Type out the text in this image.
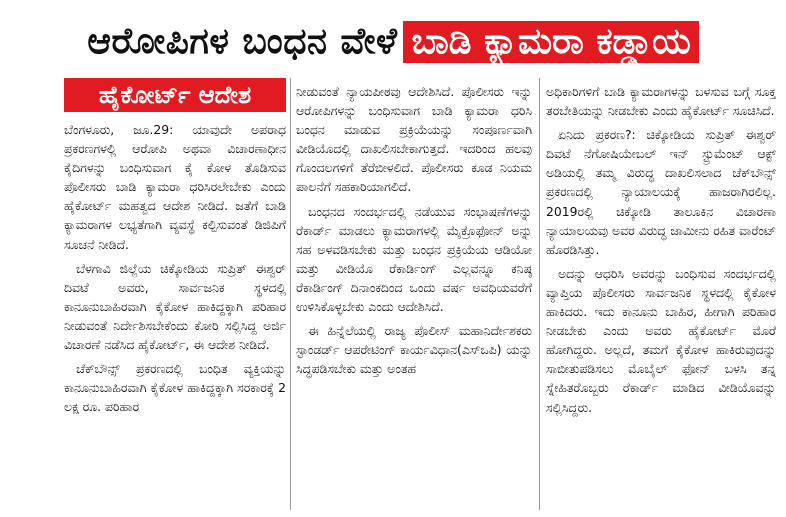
ಆರೋಪಿಗಳ ಬಂಧನ ವೇಳೆ ಬಾಡಿ ಕ್ಯಾಮರಾ ಕಡ್ಡಾಯ
ಹೈಕೋರ್ಟ್ ಆದೇಶ

ಬೆಂಗಳೂರು, ಜೂ.29: ಯಾವುದೇ ಅಪರಾಧ ಪ್ರಕರಣಗಳಲ್ಲಿ ಆರೋಪಿ ಅಥವಾ ವಿಚಾರಣಾಧೀನ ಕೈದಿಗಳನ್ನು ಬಂಧಿಸುವಾಗ ಕೈ ಕೋಳ ತೊಡಿಸುವ ಪೊಲೀಸರು ಬಾಡಿ ಕ್ಯಾಮರಾ ಧರಿಸಿರಲೇಬೇಕು ಎಂದು ಹೈಕೋರ್ಟ್ ಮಹತ್ವದ ಆದೇಶ ನೀಡಿದೆ. ಜತೆಗೆ ಬಾಡಿ ಕ್ಯಾಮರಾಗಳ ಲಭ್ಯತೆಗಾಗಿ ವ್ಯವಸ್ಥೆ ಕಲ್ಪಿಸುವಂತೆ ಡಿಜಿಪಿಗೆ ಸೂಚನೆ ನೀಡಿದೆ.

ಬೆಳಗಾವಿ ಜಿಲ್ಲೆಯ ಚಿಕ್ಕೋಡಿಯ ಸುಪ್ರಿತ್ ಈಶ್ವರ್ ದಿವಟೆ ಅವರು, ಸಾರ್ವಜನಿಕ ಸ್ಥಳದಲ್ಲಿ ಕಾನೂನುಬಾಹಿರವಾಗಿ ಕೈಕೋಳ ಹಾಕಿದ್ದಕ್ಕಾಗಿ ಪರಿಹಾರ ನೀಡುವಂತೆ ನಿರ್ದೇಶಿಸಬೇಕೆಂದು ಕೋರಿ ಸಲ್ಲಿಸಿದ್ದ ಅರ್ಜಿ ವಿಚಾರಣೆ ನಡೆಸಿದ ಹೈಕೋರ್ಟ್, ಈ ಆದೇಶ ನೀಡಿದೆ.

ಚೆಕ್‌ಬೌನ್ಸ್ ಪ್ರಕರಣದಲ್ಲಿ ಬಂಧಿತ ವ್ಯಕ್ತಿಯನ್ನು ಕಾನೂನುಬಾಹಿರವಾಗಿ ಕೈಕೋಳ ಹಾಕಿದ್ದಕ್ಕಾಗಿ ಸರಕಾರಕ್ಕೆ 2 ಲಕ್ಷ ರೂ. ಪರಿಹಾರ

ನೀಡುವಂತೆ ನ್ಯಾಯಪೀಠವು ಆದೇಶಿಸಿದೆ. ಪೊಲೀಸರು ಇನ್ನು ಆರೋಪಿಗಳನ್ನು ಬಂಧಿಸುವಾಗ ಬಾಡಿ ಕ್ಯಾಮರಾ ಧರಿಸಿ ಬಂಧನ ಮಾಡುವ ಪ್ರಕ್ರಿಯೆಯನ್ನು ಸಂಪೂರ್ಣವಾಗಿ ವೀಡಿಯೊದಲ್ಲಿ ದಾಖಲಿಸಬೇಕಾಗುತ್ತದೆ. ಇದರಿಂದ ಹಲವು ಗೊಂದಲಗಳಿಗೆ ತೆರೆಬೀಳಲಿದೆ. ಪೊಲೀಸರು ಕೂಡ ನಿಯಮ ಪಾಲನೆಗೆ ಸಹಕಾರಿಯಾಗಲಿದೆ.

ಬಂಧನದ ಸಂದರ್ಭದಲ್ಲಿ ನಡೆಯುವ ಸಂಭಾಷಣೆಗಳನ್ನು ರೆಕಾರ್ಡ್ ಮಾಡಲು ಕ್ಯಾಮರಾಗಳಲ್ಲಿ ಮೈಕ್ರೊಫೋನ್ ಅನ್ನು ಸಹ ಅಳವಡಿಸಬೇಕು ಮತ್ತು ಬಂಧನ ಪ್ರಕ್ರಿಯೆಯ ಆಡಿಯೋ ಮತ್ತು ವೀಡಿಯೊ ರೆಕಾರ್ಡಿಂಗ್ ಎಲ್ಲವನ್ನೂ ಕನಿಷ್ಠ ರೆಕಾರ್ಡಿಂಗ್ ದಿನಾಂಕದಿಂದ ಒಂದು ವರ್ಷ ಅವಧಿಯವರೆಗೆ ಉಳಿಸಿಕೊಳ್ಳಬೇಕು ಎಂದು ಆದೇಶಿಸಿದೆ.

ಈ ಹಿನ್ನೆಲೆಯಲ್ಲಿ ರಾಜ್ಯ ಪೊಲೀಸ್ ಮಹಾನಿರ್ದೇಶಕರು ಸ್ಟಾಂಡರ್ಡ್ ಆಪರೇಟಿಂಗ್ ಕಾರ್ಯವಿಧಾನ(ಎಸ್‌ಒಪಿ) ಯನ್ನು ಸಿದ್ಧಪಡಿಸಬೇಕು ಮತ್ತು ಅಂತಹ

ಅಧಿಕಾರಿಗಳಿಗೆ ಬಾಡಿ ಕ್ಯಾಮರಾಗಳನ್ನು ಬಳಸುವ ಬಗ್ಗೆ ಸೂಕ್ತ ತರಬೇತಿಯನ್ನು ನೀಡಬೇಕು ಎಂದು ಹೈಕೋರ್ಟ್ ಸೂಚಿಸಿದೆ.

ಏನಿದು ಪ್ರಕರಣ?: ಚಿಕ್ಕೋಡಿಯ ಸುಪ್ರಿತ್ ಈಶ್ವರ್ ದಿವಟೆ ನೆಗೋಷಿಯೇಬಲ್ ಇನ್ ಸ್ಟ್ರುಮೆಂಟ್ ಆಕ್ಟ್ ಅಡಿಯಲ್ಲಿ ತಮ್ಮ ವಿರುದ್ಧ ದಾಖಲಿಸಲಾದ ಚೆಕ್‌ಬೌನ್ಸ್ ಪ್ರಕರಣದಲ್ಲಿ ನ್ಯಾಯಾಲಯಕ್ಕೆ ಹಾಜರಾಗಿರಲಿಲ್ಲ. 2019ರಲ್ಲಿ ಚಿಕ್ಕೋಡಿ ತಾಲೂಕಿನ ವಿಚಾರಣಾ ನ್ಯಾಯಾಲಯವು ಅವರ ವಿರುದ್ಧ ಜಾಮೀನು ರಹಿತ ವಾರೆಂಟ್ ಹೊರಡಿಸಿತ್ತು.

ಅದನ್ನು ಆಧರಿಸಿ ಅವರನ್ನು ಬಂಧಿಸುವ ಸಂದರ್ಭದಲ್ಲಿ ವ್ಯಾಪ್ತಿಯ ಪೊಲೀಸರು ಸಾರ್ವಜನಿಕ ಸ್ಥಳದಲ್ಲಿ ಕೈಕೋಳ ಹಾಕಿದರು. ಇದು ಕಾನೂನು ಬಾಹಿರ, ಹೀಗಾಗಿ ಪರಿಹಾರ ನೀಡಬೇಕು ಎಂದು ಅವರು ಹೈಕೋರ್ಟ್ ಮೊರೆ ಹೋಗಿದ್ದರು. ಅಲ್ಲದೆ, ತಮಗೆ ಕೈಕೋಳ ಹಾಕಿರುವುದನ್ನು ಸಾಬೀತುಪಡಿಸಲು ಮೊಬೈಲ್ ಫೋನ್ ಬಳಸಿ ತನ್ನ ಸ್ನೇಹಿತರೊಬ್ಬರು ರೆಕಾರ್ಡ್ ಮಾಡಿದ ವೀಡಿಯೊವನ್ನು ಸಲ್ಲಿಸಿದ್ದರು.
